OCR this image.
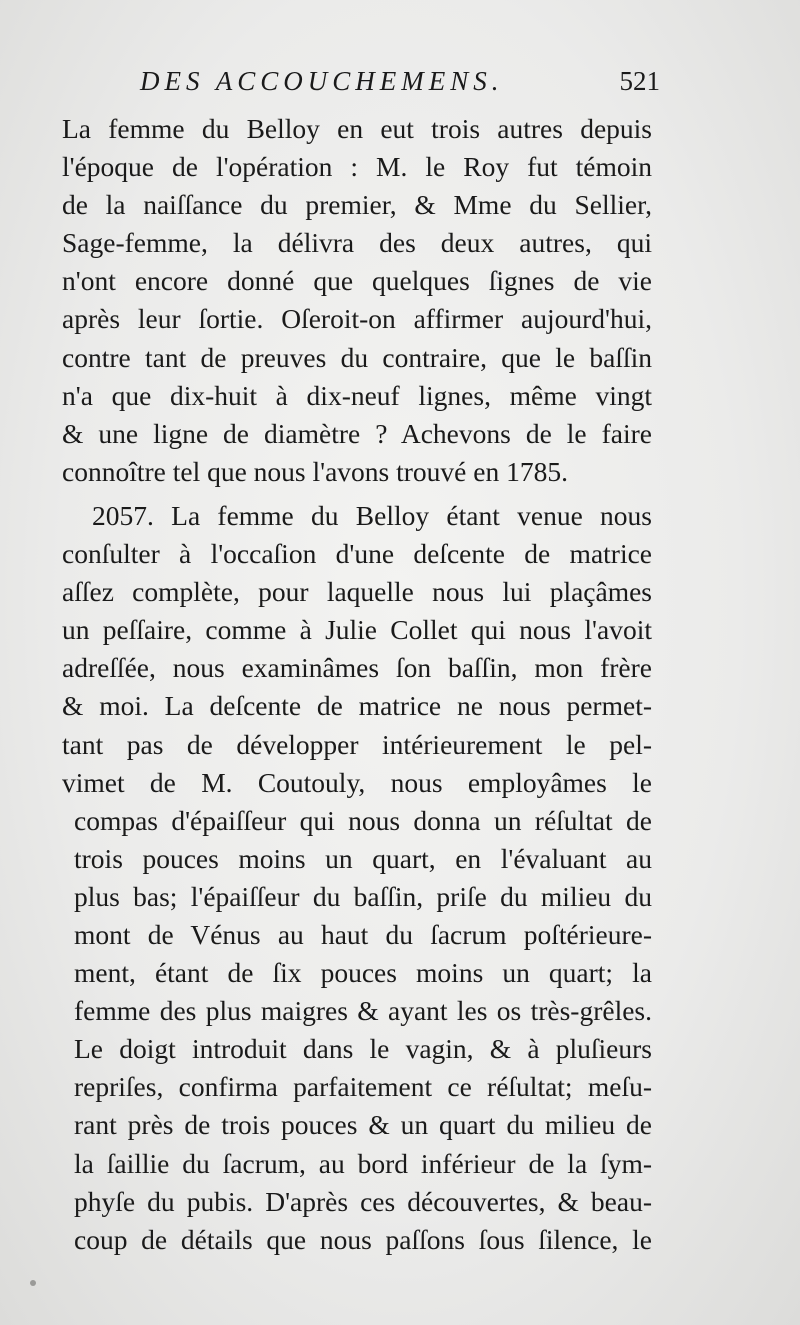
DES ACCOUCHEMENS.	521
La femme du Belloy en eut trois autres depuis
l'époque de l'opération : M. le Roy fut témoin
de la naiſſance du premier, & Mme du Sellier,
Sage-femme, la délivra des deux autres, qui
n'ont encore donné que quelques ſignes de vie
après leur ſortie. Oſeroit-on affirmer aujourd'hui,
contre tant de preuves du contraire, que le baſſin
n'a que dix-huit à dix-neuf lignes, même vingt
& une ligne de diamètre ? Achevons de le faire
connoître tel que nous l'avons trouvé en 1785.
2057. La femme du Belloy étant venue nous
conſulter à l'occaſion d'une deſcente de matrice
aſſez complète, pour laquelle nous lui plaçâmes
un peſſaire, comme à Julie Collet qui nous l'avoit
adreſſée, nous examinâmes ſon baſſin, mon frère
& moi. La deſcente de matrice ne nous permet-
tant pas de développer intérieurement le pel-
vimet de M. Coutouly, nous employâmes le
compas d'épaiſſeur qui nous donna un réſultat de
trois pouces moins un quart, en l'évaluant au
plus bas; l'épaiſſeur du baſſin, priſe du milieu du
mont de Vénus au haut du ſacrum poſtérieure-
ment, étant de ſix pouces moins un quart; la
femme des plus maigres & ayant les os très-grêles.
Le doigt introduit dans le vagin, & à pluſieurs
repriſes, confirma parfaitement ce réſultat; meſu-
rant près de trois pouces & un quart du milieu de
la ſaillie du ſacrum, au bord inférieur de la ſym-
phyſe du pubis. D'après ces découvertes, & beau-
coup de détails que nous paſſons ſous ſilence, le
